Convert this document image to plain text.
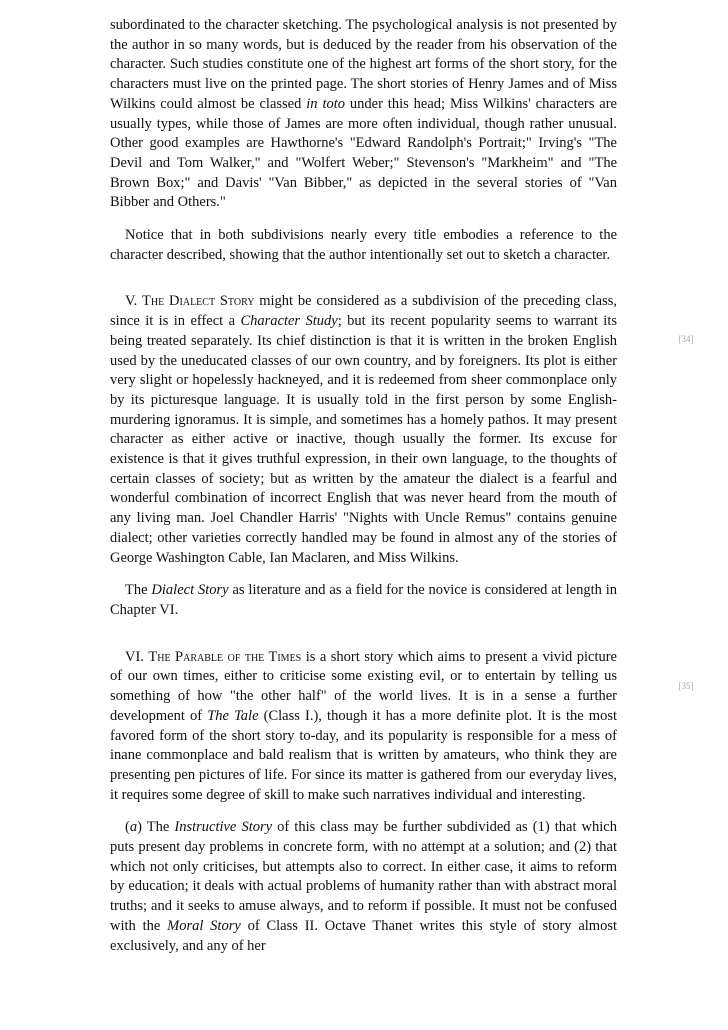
subordinated to the character sketching. The psychological analysis is not presented by the author in so many words, but is deduced by the reader from his observation of the character. Such studies constitute one of the highest art forms of the short story, for the characters must live on the printed page. The short stories of Henry James and of Miss Wilkins could almost be classed in toto under this head; Miss Wilkins' characters are usually types, while those of James are more often individual, though rather unusual. Other good examples are Hawthorne's "Edward Randolph's Portrait;" Irving's "The Devil and Tom Walker," and "Wolfert Weber;" Stevenson's "Markheim" and "The Brown Box;" and Davis' "Van Bibber," as depicted in the several stories of "Van Bibber and Others."

Notice that in both subdivisions nearly every title embodies a reference to the character described, showing that the author intentionally set out to sketch a character.

V. The Dialect Story might be considered as a subdivision of the preceding class, since it is in effect a Character Study; but its recent popularity seems to warrant its being treated separately. Its chief distinction is that it is written in the broken English used by the uneducated classes of our own country, and by foreigners. Its plot is either very slight or hopelessly hackneyed, and it is redeemed from sheer commonplace only by its picturesque language. It is usually told in the first person by some English-murdering ignoramus. It is simple, and sometimes has a homely pathos. It may present character as either active or inactive, though usually the former. Its excuse for existence is that it gives truthful expression, in their own language, to the thoughts of certain classes of society; but as written by the amateur the dialect is a fearful and wonderful combination of incorrect English that was never heard from the mouth of any living man. Joel Chandler Harris' "Nights with Uncle Remus" contains genuine dialect; other varieties correctly handled may be found in almost any of the stories of George Washington Cable, Ian Maclaren, and Miss Wilkins.

The Dialect Story as literature and as a field for the novice is considered at length in Chapter VI.

VI. The Parable of the Times is a short story which aims to present a vivid picture of our own times, either to criticise some existing evil, or to entertain by telling us something of how "the other half" of the world lives. It is in a sense a further development of The Tale (Class I.), though it has a more definite plot. It is the most favored form of the short story to-day, and its popularity is responsible for a mess of inane commonplace and bald realism that is written by amateurs, who think they are presenting pen pictures of life. For since its matter is gathered from our everyday lives, it requires some degree of skill to make such narratives individual and interesting.

(a) The Instructive Story of this class may be further subdivided as (1) that which puts present day problems in concrete form, with no attempt at a solution; and (2) that which not only criticises, but attempts also to correct. In either case, it aims to reform by education; it deals with actual problems of humanity rather than with abstract moral truths; and it seeks to amuse always, and to reform if possible. It must not be confused with the Moral Story of Class II. Octave Thanet writes this style of story almost exclusively, and any of her

[34]
[35]
